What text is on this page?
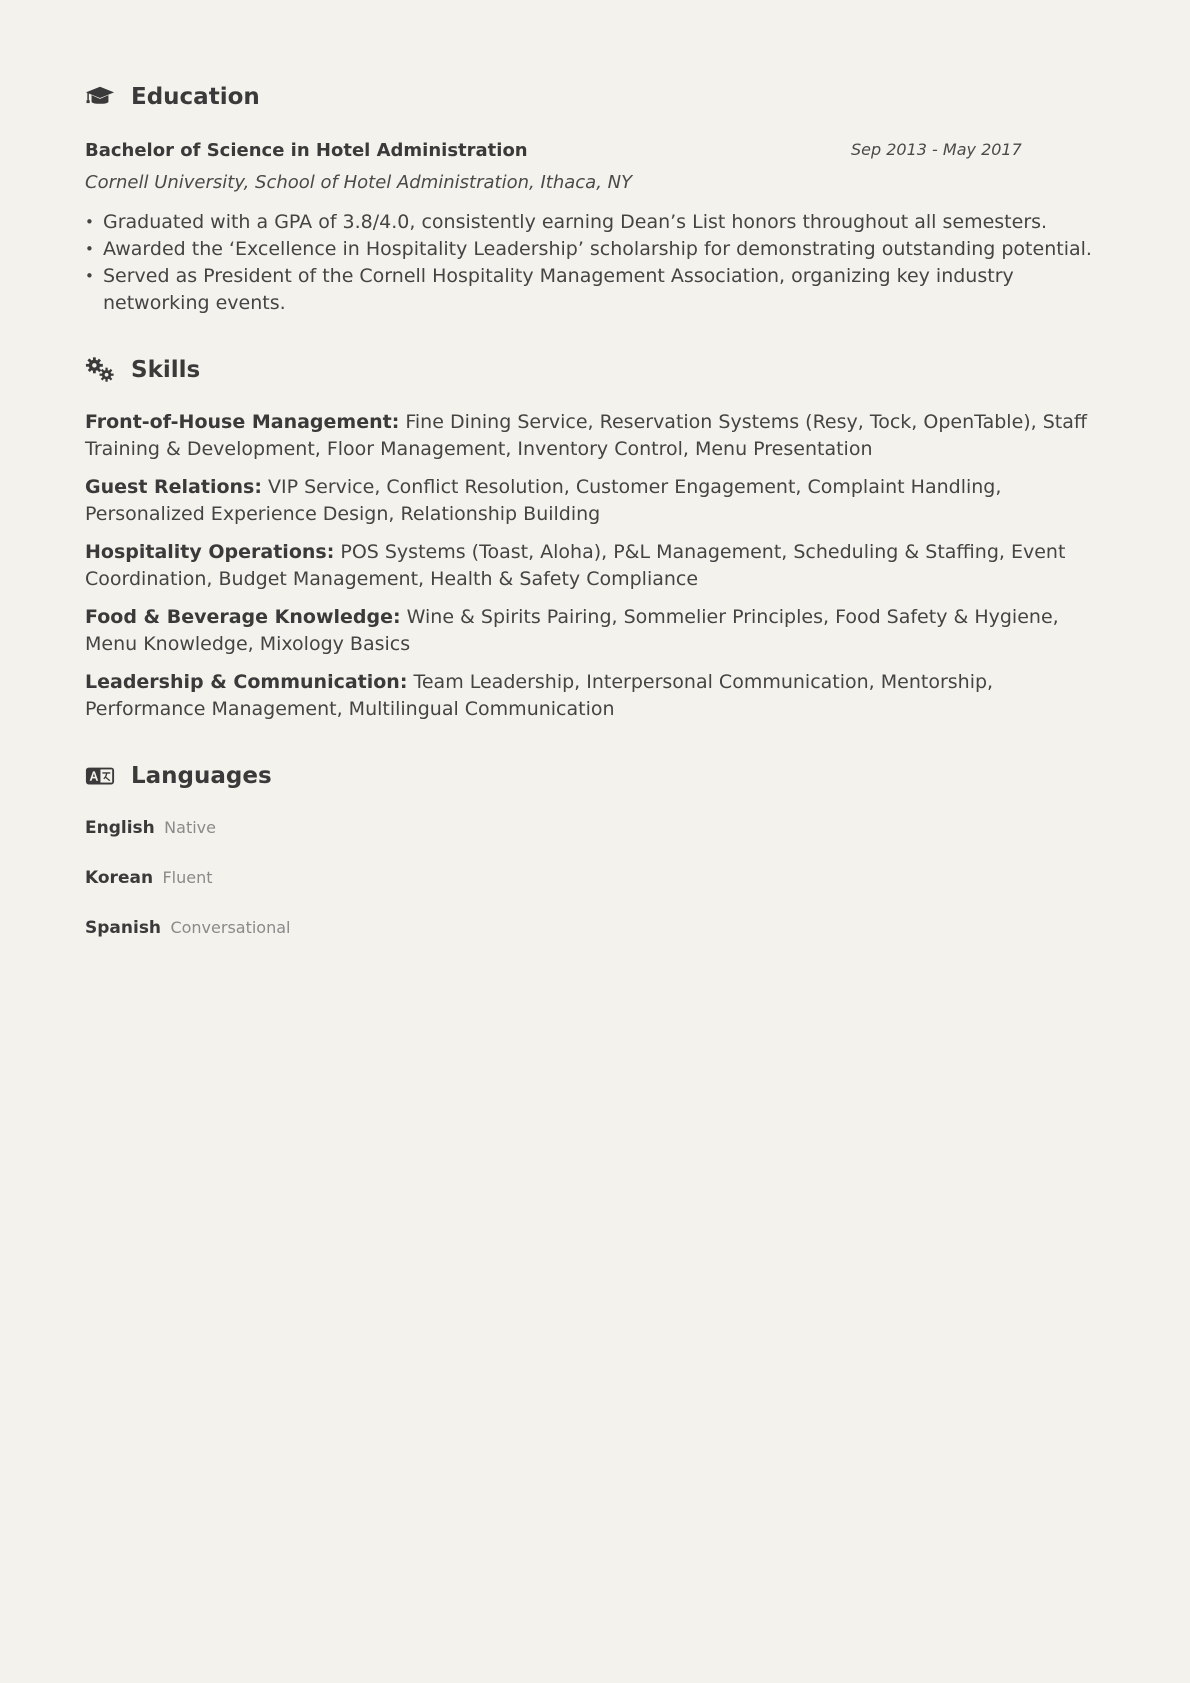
Education
Bachelor of Science in Hotel Administration	Sep 2013 - May 2017
Cornell University, School of Hotel Administration, Ithaca, NY
• Graduated with a GPA of 3.8/4.0, consistently earning Dean’s List honors throughout all semesters.
• Awarded the ‘Excellence in Hospitality Leadership’ scholarship for demonstrating outstanding potential.
• Served as President of the Cornell Hospitality Management Association, organizing key industry networking events.
Skills
Front-of-House Management: Fine Dining Service, Reservation Systems (Resy, Tock, OpenTable), Staff Training & Development, Floor Management, Inventory Control, Menu Presentation
Guest Relations: VIP Service, Conflict Resolution, Customer Engagement, Complaint Handling, Personalized Experience Design, Relationship Building
Hospitality Operations: POS Systems (Toast, Aloha), P&L Management, Scheduling & Staffing, Event Coordination, Budget Management, Health & Safety Compliance
Food & Beverage Knowledge: Wine & Spirits Pairing, Sommelier Principles, Food Safety & Hygiene, Menu Knowledge, Mixology Basics
Leadership & Communication: Team Leadership, Interpersonal Communication, Mentorship, Performance Management, Multilingual Communication
Languages
English Native
Korean Fluent
Spanish Conversational
